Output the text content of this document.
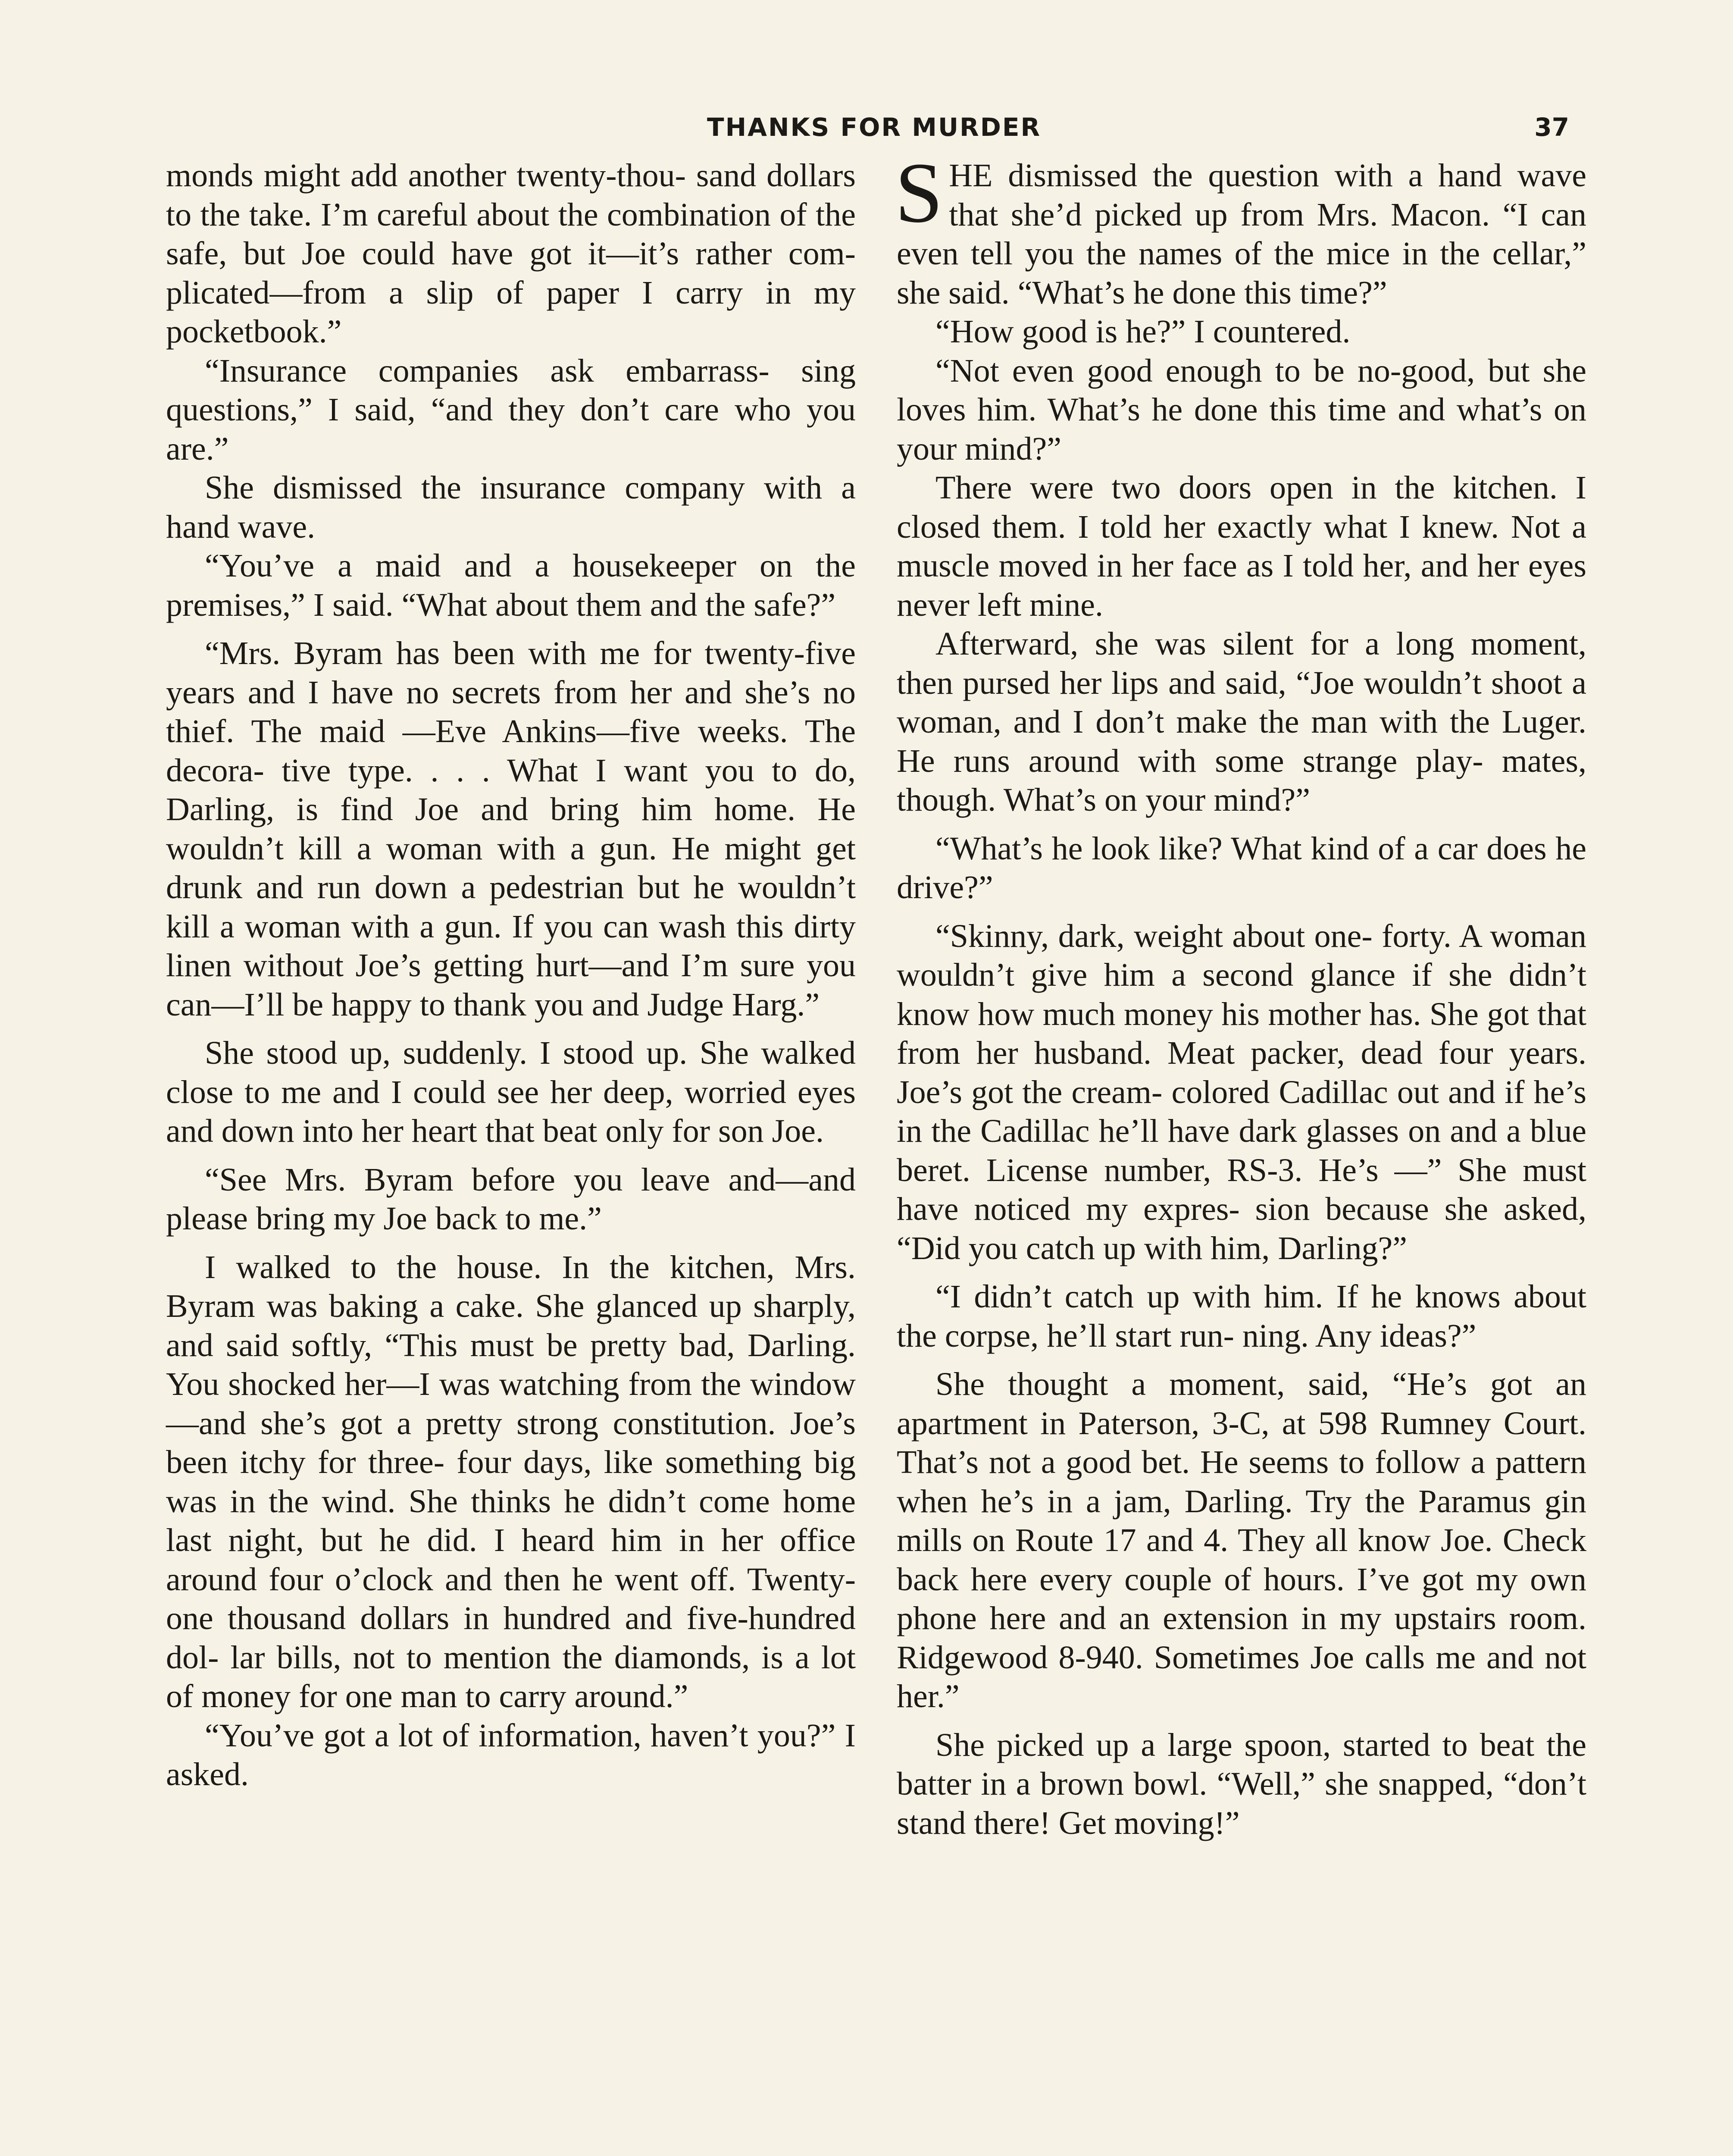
THANKS FOR MURDER	37

monds might add another twenty-thou- sand dollars to the take. I’m careful about the combination of the safe, but Joe could have got it—it’s rather com- plicated—from a slip of paper I carry in my pocketbook.”

“Insurance companies ask embarrass- sing questions,” I said, “and they don’t care who you are.”

She dismissed the insurance company with a hand wave.

“You’ve a maid and a housekeeper on the premises,” I said. “What about them and the safe?”

“Mrs. Byram has been with me for twenty-five years and I have no secrets from her and she’s no thief. The maid —Eve Ankins—five weeks. The decora- tive type. . . . What I want you to do, Darling, is find Joe and bring him home. He wouldn’t kill a woman with a gun. He might get drunk and run down a pedestrian but he wouldn’t kill a woman with a gun. If you can wash this dirty linen without Joe’s getting hurt—and I’m sure you can—I’ll be happy to thank you and Judge Harg.”

She stood up, suddenly. I stood up. She walked close to me and I could see her deep, worried eyes and down into her heart that beat only for son Joe.

“See Mrs. Byram before you leave and—and please bring my Joe back to me.”

I walked to the house. In the kitchen, Mrs. Byram was baking a cake. She glanced up sharply, and said softly, “This must be pretty bad, Darling. You shocked her—I was watching from the window—and she’s got a pretty strong constitution. Joe’s been itchy for three- four days, like something big was in the wind. She thinks he didn’t come home last night, but he did. I heard him in her office around four o’clock and then he went off. Twenty-one thousand dollars in hundred and five-hundred dol- lar bills, not to mention the diamonds, is a lot of money for one man to carry around.”

“You’ve got a lot of information, haven’t you?” I asked.

SHE dismissed the question with a hand wave that she’d picked up from Mrs. Macon. “I can even tell you the names of the mice in the cellar,” she said. “What’s he done this time?”

“How good is he?” I countered.

“Not even good enough to be no-good, but she loves him. What’s he done this time and what’s on your mind?”

There were two doors open in the kitchen. I closed them. I told her exactly what I knew. Not a muscle moved in her face as I told her, and her eyes never left mine.

Afterward, she was silent for a long moment, then pursed her lips and said, “Joe wouldn’t shoot a woman, and I don’t make the man with the Luger. He runs around with some strange play- mates, though. What’s on your mind?”

“What’s he look like? What kind of a car does he drive?”

“Skinny, dark, weight about one- forty. A woman wouldn’t give him a second glance if she didn’t know how much money his mother has. She got that from her husband. Meat packer, dead four years. Joe’s got the cream- colored Cadillac out and if he’s in the Cadillac he’ll have dark glasses on and a blue beret. License number, RS-3. He’s —” She must have noticed my expres- sion because she asked, “Did you catch up with him, Darling?”

“I didn’t catch up with him. If he knows about the corpse, he’ll start run- ning. Any ideas?”

She thought a moment, said, “He’s got an apartment in Paterson, 3-C, at 598 Rumney Court. That’s not a good bet. He seems to follow a pattern when he’s in a jam, Darling. Try the Paramus gin mills on Route 17 and 4. They all know Joe. Check back here every couple of hours. I’ve got my own phone here and an extension in my upstairs room. Ridgewood 8-940. Sometimes Joe calls me and not her.”

She picked up a large spoon, started to beat the batter in a brown bowl. “Well,” she snapped, “don’t stand there! Get moving!”
